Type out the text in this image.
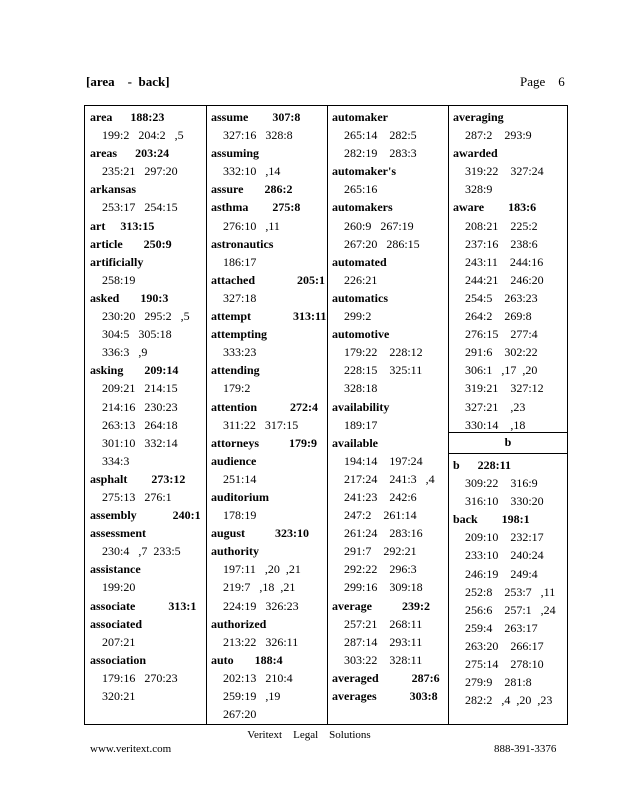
[area    -  back]	Page    6
area      188:23
199:2   204:2   ,5
areas      203:24
235:21   297:20
arkansas
253:17   254:15
art     313:15
article       250:9
artificially
258:19
asked       190:3
230:20   295:2   ,5
304:5   305:18
336:3   ,9
asking       209:14
209:21   214:15
214:16   230:23
263:13   264:18
301:10   332:14
334:3
asphalt        273:12
275:13   276:1
assembly            240:1
assessment
230:4   ,7  233:5
assistance
199:20
associate           313:1
associated
207:21
association
179:16   270:23
320:21
assume        307:8
327:16   328:8
assuming
332:10   ,14
assure       286:2
asthma        275:8
276:10   ,11
astronautics
186:17
attached              205:1
327:18
attempt              313:11
attempting
333:23
attending
179:2
attention           272:4
311:22   317:15
attorneys          179:9
audience
251:14
auditorium
178:19
august          323:10
authority
197:11   ,20  ,21
219:7   ,18  ,21
224:19   326:23
authorized
213:22   326:11
auto       188:4
202:13   210:4
259:19   ,19
267:20
automaker
265:14    282:5
282:19    283:3
automaker's
265:16
automakers
260:9   267:19
267:20   286:15
automated
226:21
automatics
299:2
automotive
179:22    228:12
228:15    325:11
328:18
availability
189:17
available
194:14    197:24
217:24    241:3   ,4
241:23    242:6
247:2    261:14
261:24    283:16
291:7    292:21
292:22    296:3
299:16    309:18
average          239:2
257:21    268:11
287:14    293:11
303:22    328:11
averaged           287:6
averages           303:8
averaging
287:2    293:9
awarded
319:22    327:24
328:9
aware        183:6
208:21    225:2
237:16    238:6
243:11    244:16
244:21    246:20
254:5    263:23
264:2    269:8
276:15    277:4
291:6    302:22
306:1   ,17  ,20
319:21    327:12
327:21    ,23
330:14    ,18
b
b      228:11
309:22    316:9
316:10    330:20
back        198:1
209:10    232:17
233:10    240:24
246:19    249:4
252:8    253:7   ,11
256:6    257:1   ,24
259:4    263:17
263:20    266:17
275:14    278:10
279:9    281:8
282:2   ,4  ,20  ,23
Veritext    Legal    Solutions
www.veritext.com	888-391-3376
